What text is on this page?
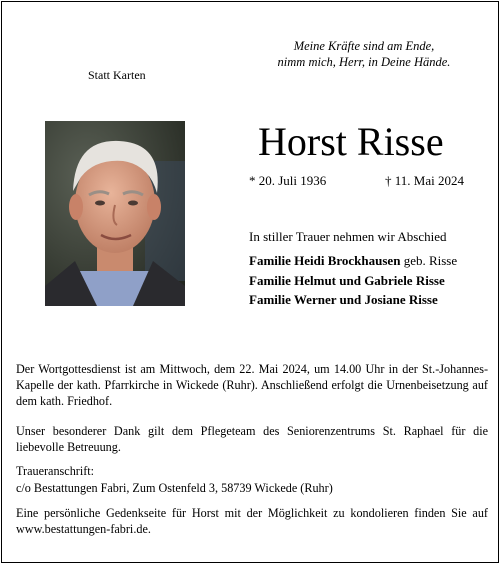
Meine Kräfte sind am Ende,
nimm mich, Herr, in Deine Hände.
Statt Karten
Horst Risse
* 20. Juli 1936	† 11. Mai 2024
In stiller Trauer nehmen wir Abschied
Familie Heidi Brockhausen geb. Risse
Familie Helmut und Gabriele Risse
Familie Werner und Josiane Risse
Der Wortgottesdienst ist am Mittwoch, dem 22. Mai 2024, um 14.00 Uhr in der St.-Johannes-Kapelle der kath. Pfarrkirche in Wickede (Ruhr). Anschließend erfolgt die Urnenbeisetzung auf dem kath. Friedhof.
Unser besonderer Dank gilt dem Pflegeteam des Seniorenzentrums St. Raphael für die liebevolle Betreuung.
Traueranschrift:
c/o Bestattungen Fabri, Zum Ostenfeld 3, 58739 Wickede (Ruhr)
Eine persönliche Gedenkseite für Horst mit der Möglichkeit zu kondolieren finden Sie auf www.bestattungen-fabri.de.
